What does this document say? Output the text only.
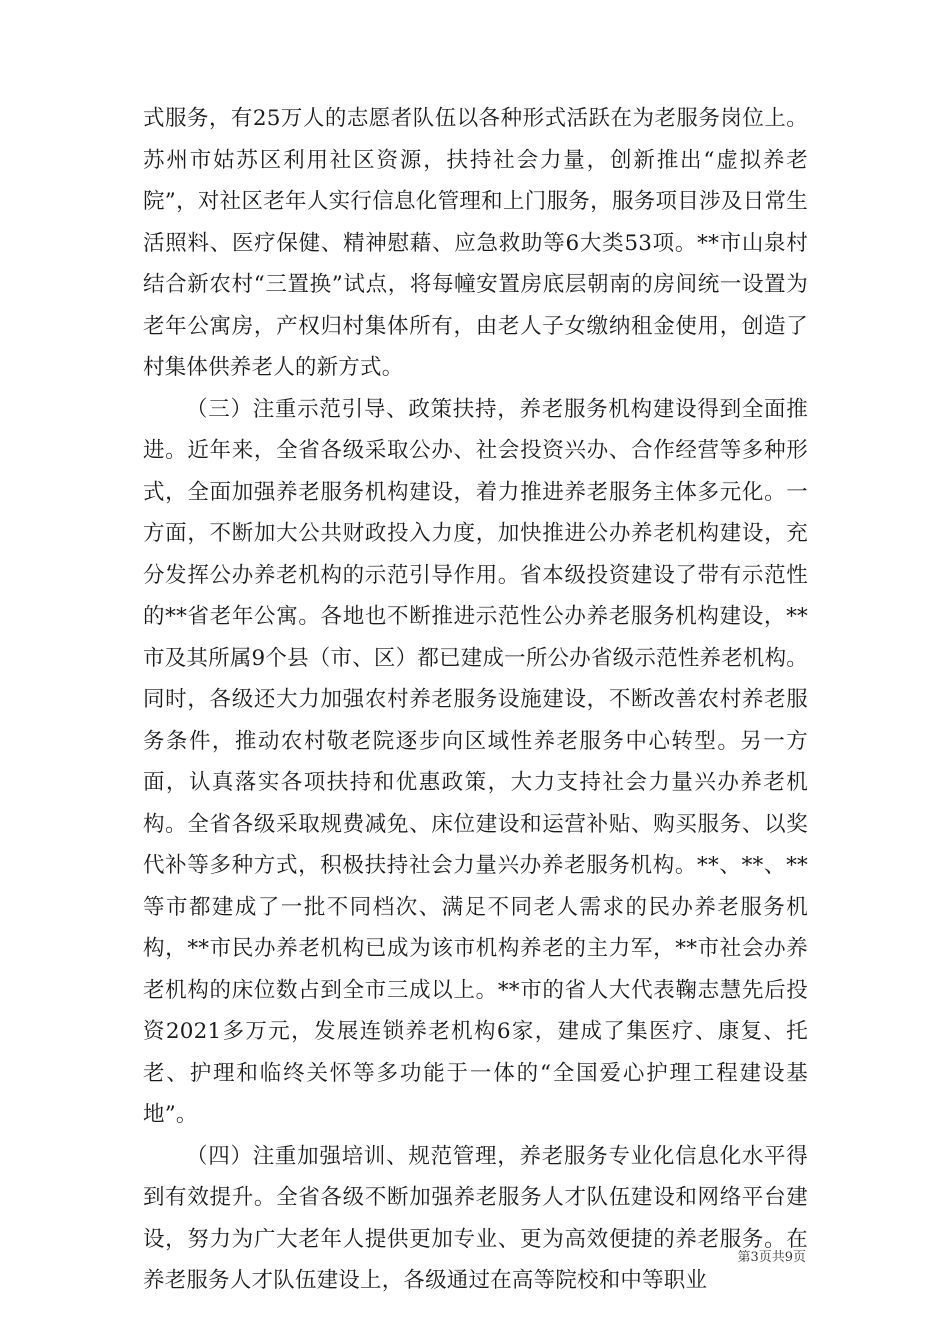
式服务，有25万人的志愿者队伍以各种形式活跃在为老服务岗位上。苏州市姑苏区利用社区资源，扶持社会力量，创新推出“虚拟养老院”，对社区老年人实行信息化管理和上门服务，服务项目涉及日常生活照料、医疗保健、精神慰藉、应急救助等6大类53项。**市山泉村结合新农村“三置换”试点，将每幢安置房底层朝南的房间统一设置为老年公寓房，产权归村集体所有，由老人子女缴纳租金使用，创造了村集体供养老人的新方式。

（三）注重示范引导、政策扶持，养老服务机构建设得到全面推进。近年来，全省各级采取公办、社会投资兴办、合作经营等多种形式，全面加强养老服务机构建设，着力推进养老服务主体多元化。一方面，不断加大公共财政投入力度，加快推进公办养老机构建设，充分发挥公办养老机构的示范引导作用。省本级投资建设了带有示范性的**省老年公寓。各地也不断推进示范性公办养老服务机构建设，**市及其所属9个县（市、区）都已建成一所公办省级示范性养老机构。同时，各级还大力加强农村养老服务设施建设，不断改善农村养老服务条件，推动农村敬老院逐步向区域性养老服务中心转型。另一方面，认真落实各项扶持和优惠政策，大力支持社会力量兴办养老机构。全省各级采取规费减免、床位建设和运营补贴、购买服务、以奖代补等多种方式，积极扶持社会力量兴办养老服务机构。**、**、**等市都建成了一批不同档次、满足不同老人需求的民办养老服务机构，**市民办养老机构已成为该市机构养老的主力军，**市社会办养老机构的床位数占到全市三成以上。**市的省人大代表鞠志慧先后投资2021多万元，发展连锁养老机构6家，建成了集医疗、康复、托老、护理和临终关怀等多功能于一体的“全国爱心护理工程建设基地”。

（四）注重加强培训、规范管理，养老服务专业化信息化水平得到有效提升。全省各级不断加强养老服务人才队伍建设和网络平台建设，努力为广大老年人提供更加专业、更为高效便捷的养老服务。在养老服务人才队伍建设上，各级通过在高等院校和中等职业

第3页共9页
